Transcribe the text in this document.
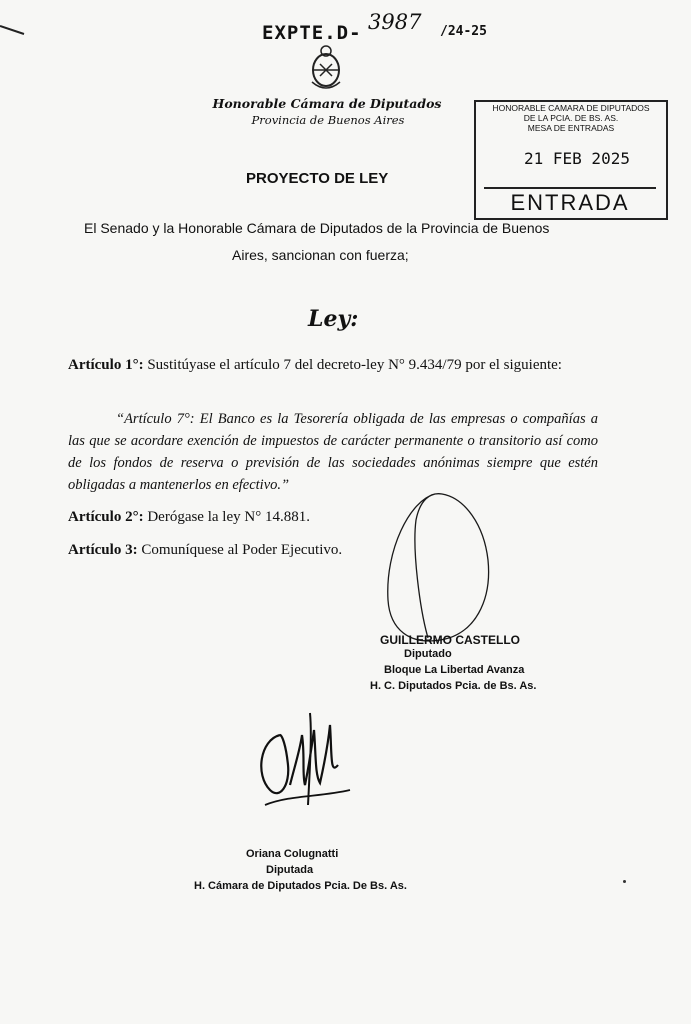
EXPTE.D- 3987 /24-25
Honorable Cámara de Diputados
Provincia de Buenos Aires
HONORABLE CAMARA DE DIPUTADOS
DE LA PCIA. DE BS. AS.
MESA DE ENTRADAS
21 FEB 2025
ENTRADA
PROYECTO DE LEY
El Senado y la Honorable Cámara de Diputados de la Provincia de Buenos
Aires, sancionan con fuerza;
Ley:
Artículo 1°: Sustitúyase el artículo 7 del decreto-ley N° 9.434/79 por el siguiente:
“Artículo 7°: El Banco es la Tesorería obligada de las empresas o compañías a las que se acordare exención de impuestos de carácter permanente o transitorio así como de los fondos de reserva o previsión de las sociedades anónimas siempre que estén obligadas a mantenerlos en efectivo.”
Artículo 2°: Derógase la ley N° 14.881.
Artículo 3: Comuníquese al Poder Ejecutivo.
GUILLERMO CASTELLO
Diputado
Bloque La Libertad Avanza
H. C. Diputados Pcia. de Bs. As.
Oriana Colugnatti
Diputada
H. Cámara de Diputados Pcia. De Bs. As.
